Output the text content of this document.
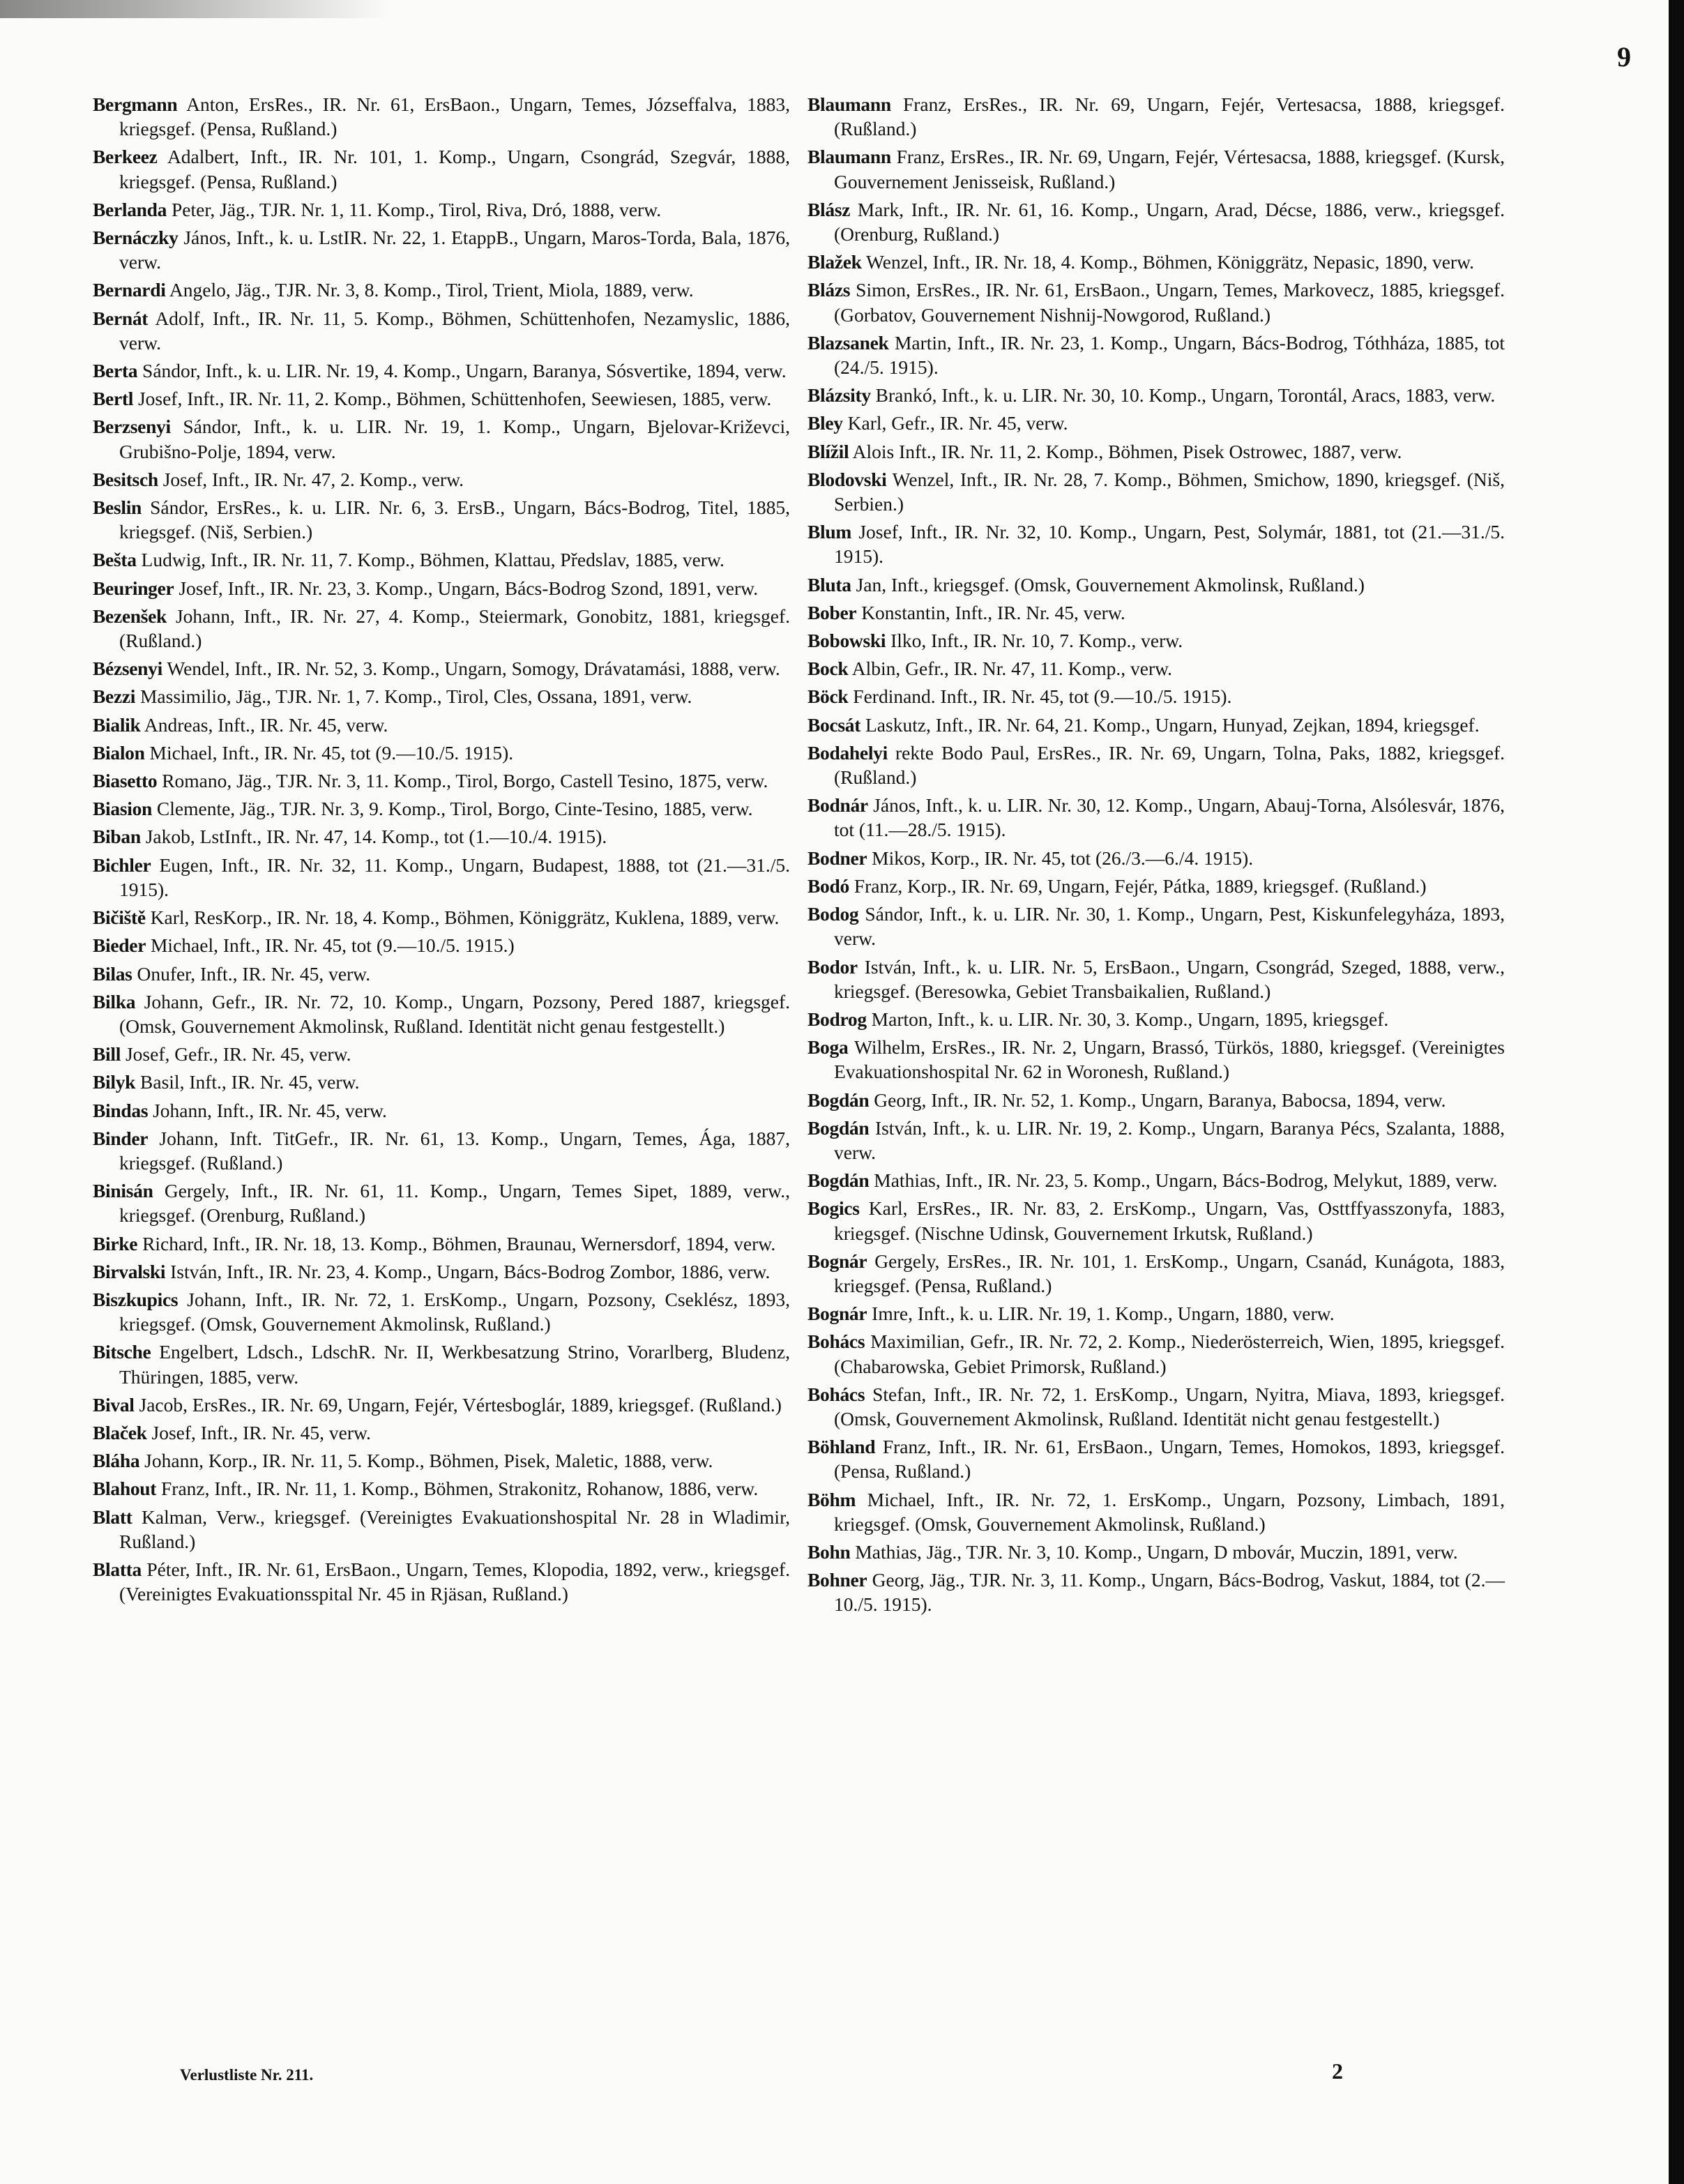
9

Bergmann Anton, ErsRes., IR. Nr. 61, ErsBaon., Ungarn, Temes, Józseffalva, 1883, kriegsgef. (Pensa, Rußland.)

Berkeez Adalbert, Inft., IR. Nr. 101, 1. Komp., Ungarn, Csongrád, Szegvár, 1888, kriegsgef. (Pensa, Rußland.)

Berlanda Peter, Jäg., TJR. Nr. 1, 11. Komp., Tirol, Riva, Dró, 1888, verw.

Bernáczky János, Inft., k. u. LstIR. Nr. 22, 1. EtappB., Ungarn, Maros-Torda, Bala, 1876, verw.

Bernardi Angelo, Jäg., TJR. Nr. 3, 8. Komp., Tirol, Trient, Miola, 1889, verw.

Bernát Adolf, Inft., IR. Nr. 11, 5. Komp., Böhmen, Schüttenhofen, Nezamyslic, 1886, verw.

Berta Sándor, Inft., k. u. LIR. Nr. 19, 4. Komp., Ungarn, Baranya, Sósvertike, 1894, verw.

Bertl Josef, Inft., IR. Nr. 11, 2. Komp., Böhmen, Schüttenhofen, Seewiesen, 1885, verw.

Berzsenyi Sándor, Inft., k. u. LIR. Nr. 19, 1. Komp., Ungarn, Bjelovar-Križevci, Grubišno-Polje, 1894, verw.

Besitsch Josef, Inft., IR. Nr. 47, 2. Komp., verw.

Beslin Sándor, ErsRes., k. u. LIR. Nr. 6, 3. ErsB., Ungarn, Bács-Bodrog, Titel, 1885, kriegsgef. (Niš, Serbien.)

Bešta Ludwig, Inft., IR. Nr. 11, 7. Komp., Böhmen, Klattau, Předslav, 1885, verw.

Beuringer Josef, Inft., IR. Nr. 23, 3. Komp., Ungarn, Bács-Bodrog Szond, 1891, verw.

Bezenšek Johann, Inft., IR. Nr. 27, 4. Komp., Steiermark, Gonobitz, 1881, kriegsgef. (Rußland.)

Bézsenyi Wendel, Inft., IR. Nr. 52, 3. Komp., Ungarn, Somogy, Drávatamási, 1888, verw.

Bezzi Massimilio, Jäg., TJR. Nr. 1, 7. Komp., Tirol, Cles, Ossana, 1891, verw.

Bialik Andreas, Inft., IR. Nr. 45, verw.

Bialon Michael, Inft., IR. Nr. 45, tot (9.—10./5. 1915).

Biasetto Romano, Jäg., TJR. Nr. 3, 11. Komp., Tirol, Borgo, Castell Tesino, 1875, verw.

Biasion Clemente, Jäg., TJR. Nr. 3, 9. Komp., Tirol, Borgo, Cinte-Tesino, 1885, verw.

Biban Jakob, LstInft., IR. Nr. 47, 14. Komp., tot (1.—10./4. 1915).

Bichler Eugen, Inft., IR. Nr. 32, 11. Komp., Ungarn, Budapest, 1888, tot (21.—31./5. 1915).

Bičiště Karl, ResKorp., IR. Nr. 18, 4. Komp., Böhmen, Königgrätz, Kuklena, 1889, verw.

Bieder Michael, Inft., IR. Nr. 45, tot (9.—10./5. 1915.)

Bilas Onufer, Inft., IR. Nr. 45, verw.

Bilka Johann, Gefr., IR. Nr. 72, 10. Komp., Ungarn, Pozsony, Pered 1887, kriegsgef. (Omsk, Gouvernement Akmolinsk, Rußland. Identität nicht genau festgestellt.)

Bill Josef, Gefr., IR. Nr. 45, verw.

Bilyk Basil, Inft., IR. Nr. 45, verw.

Bindas Johann, Inft., IR. Nr. 45, verw.

Binder Johann, Inft. TitGefr., IR. Nr. 61, 13. Komp., Ungarn, Temes, Ága, 1887, kriegsgef. (Rußland.)

Binisán Gergely, Inft., IR. Nr. 61, 11. Komp., Ungarn, Temes Sipet, 1889, verw., kriegsgef. (Orenburg, Rußland.)

Birke Richard, Inft., IR. Nr. 18, 13. Komp., Böhmen, Braunau, Wernersdorf, 1894, verw.

Birvalski István, Inft., IR. Nr. 23, 4. Komp., Ungarn, Bács-Bodrog Zombor, 1886, verw.

Biszkupics Johann, Inft., IR. Nr. 72, 1. ErsKomp., Ungarn, Pozsony, Cseklész, 1893, kriegsgef. (Omsk, Gouvernement Akmolinsk, Rußland.)

Bitsche Engelbert, Ldsch., LdschR. Nr. II, Werkbesatzung Strino, Vorarlberg, Bludenz, Thüringen, 1885, verw.

Bival Jacob, ErsRes., IR. Nr. 69, Ungarn, Fejér, Vértesboglár, 1889, kriegsgef. (Rußland.)

Blaček Josef, Inft., IR. Nr. 45, verw.

Bláha Johann, Korp., IR. Nr. 11, 5. Komp., Böhmen, Pisek, Maletic, 1888, verw.

Blahout Franz, Inft., IR. Nr. 11, 1. Komp., Böhmen, Strakonitz, Rohanow, 1886, verw.

Blatt Kalman, Verw., kriegsgef. (Vereinigtes Evakuationshospital Nr. 28 in Wladimir, Rußland.)

Blatta Péter, Inft., IR. Nr. 61, ErsBaon., Ungarn, Temes, Klopodia, 1892, verw., kriegsgef. (Vereinigtes Evakuationsspital Nr. 45 in Rjäsan, Rußland.)

Blaumann Franz, ErsRes., IR. Nr. 69, Ungarn, Fejér, Vertesacsa, 1888, kriegsgef. (Rußland.)

Blaumann Franz, ErsRes., IR. Nr. 69, Ungarn, Fejér, Vértesacsa, 1888, kriegsgef. (Kursk, Gouvernement Jenisseisk, Rußland.)

Blász Mark, Inft., IR. Nr. 61, 16. Komp., Ungarn, Arad, Décse, 1886, verw., kriegsgef. (Orenburg, Rußland.)

Blažek Wenzel, Inft., IR. Nr. 18, 4. Komp., Böhmen, Königgrätz, Nepasic, 1890, verw.

Blázs Simon, ErsRes., IR. Nr. 61, ErsBaon., Ungarn, Temes, Markovecz, 1885, kriegsgef. (Gorbatov, Gouvernement Nishnij-Nowgorod, Rußland.)

Blazsanek Martin, Inft., IR. Nr. 23, 1. Komp., Ungarn, Bács-Bodrog, Tóthháza, 1885, tot (24./5. 1915).

Blázsity Brankó, Inft., k. u. LIR. Nr. 30, 10. Komp., Ungarn, Torontál, Aracs, 1883, verw.

Bley Karl, Gefr., IR. Nr. 45, verw.

Blížil Alois Inft., IR. Nr. 11, 2. Komp., Böhmen, Pisek Ostrowec, 1887, verw.

Blodovski Wenzel, Inft., IR. Nr. 28, 7. Komp., Böhmen, Smichow, 1890, kriegsgef. (Niš, Serbien.)

Blum Josef, Inft., IR. Nr. 32, 10. Komp., Ungarn, Pest, Solymár, 1881, tot (21.—31./5. 1915).

Bluta Jan, Inft., kriegsgef. (Omsk, Gouvernement Akmolinsk, Rußland.)

Bober Konstantin, Inft., IR. Nr. 45, verw.

Bobowski Ilko, Inft., IR. Nr. 10, 7. Komp., verw.

Bock Albin, Gefr., IR. Nr. 47, 11. Komp., verw.

Böck Ferdinand. Inft., IR. Nr. 45, tot (9.—10./5. 1915).

Bocsát Laskutz, Inft., IR. Nr. 64, 21. Komp., Ungarn, Hunyad, Zejkan, 1894, kriegsgef.

Bodahelyi rekte Bodo Paul, ErsRes., IR. Nr. 69, Ungarn, Tolna, Paks, 1882, kriegsgef. (Rußland.)

Bodnár János, Inft., k. u. LIR. Nr. 30, 12. Komp., Ungarn, Abauj-Torna, Alsólesvár, 1876, tot (11.—28./5. 1915).

Bodner Mikos, Korp., IR. Nr. 45, tot (26./3.—6./4. 1915).

Bodó Franz, Korp., IR. Nr. 69, Ungarn, Fejér, Pátka, 1889, kriegsgef. (Rußland.)

Bodog Sándor, Inft., k. u. LIR. Nr. 30, 1. Komp., Ungarn, Pest, Kiskunfelegyháza, 1893, verw.

Bodor István, Inft., k. u. LIR. Nr. 5, ErsBaon., Ungarn, Csongrád, Szeged, 1888, verw., kriegsgef. (Beresowka, Gebiet Transbaikalien, Rußland.)

Bodrog Marton, Inft., k. u. LIR. Nr. 30, 3. Komp., Ungarn, 1895, kriegsgef.

Boga Wilhelm, ErsRes., IR. Nr. 2, Ungarn, Brassó, Türkös, 1880, kriegsgef. (Vereinigtes Evakuationshospital Nr. 62 in Woronesh, Rußland.)

Bogdán Georg, Inft., IR. Nr. 52, 1. Komp., Ungarn, Baranya, Babocsa, 1894, verw.

Bogdán István, Inft., k. u. LIR. Nr. 19, 2. Komp., Ungarn, Baranya Pécs, Szalanta, 1888, verw.

Bogdán Mathias, Inft., IR. Nr. 23, 5. Komp., Ungarn, Bács-Bodrog, Melykut, 1889, verw.

Bogics Karl, ErsRes., IR. Nr. 83, 2. ErsKomp., Ungarn, Vas, Osttffyasszonyfa, 1883, kriegsgef. (Nischne Udinsk, Gouvernement Irkutsk, Rußland.)

Bognár Gergely, ErsRes., IR. Nr. 101, 1. ErsKomp., Ungarn, Csanád, Kunágota, 1883, kriegsgef. (Pensa, Rußland.)

Bognár Imre, Inft., k. u. LIR. Nr. 19, 1. Komp., Ungarn, 1880, verw.

Bohács Maximilian, Gefr., IR. Nr. 72, 2. Komp., Niederösterreich, Wien, 1895, kriegsgef. (Chabarowska, Gebiet Primorsk, Rußland.)

Bohács Stefan, Inft., IR. Nr. 72, 1. ErsKomp., Ungarn, Nyitra, Miava, 1893, kriegsgef. (Omsk, Gouvernement Akmolinsk, Rußland. Identität nicht genau festgestellt.)

Böhland Franz, Inft., IR. Nr. 61, ErsBaon., Ungarn, Temes, Homokos, 1893, kriegsgef. (Pensa, Rußland.)

Böhm Michael, Inft., IR. Nr. 72, 1. ErsKomp., Ungarn, Pozsony, Limbach, 1891, kriegsgef. (Omsk, Gouvernement Akmolinsk, Rußland.)

Bohn Mathias, Jäg., TJR. Nr. 3, 10. Komp., Ungarn, D mbovár, Muczin, 1891, verw.

Bohner Georg, Jäg., TJR. Nr. 3, 11. Komp., Ungarn, Bács-Bodrog, Vaskut, 1884, tot (2.—10./5. 1915).

Verlustliste Nr. 211.	2
